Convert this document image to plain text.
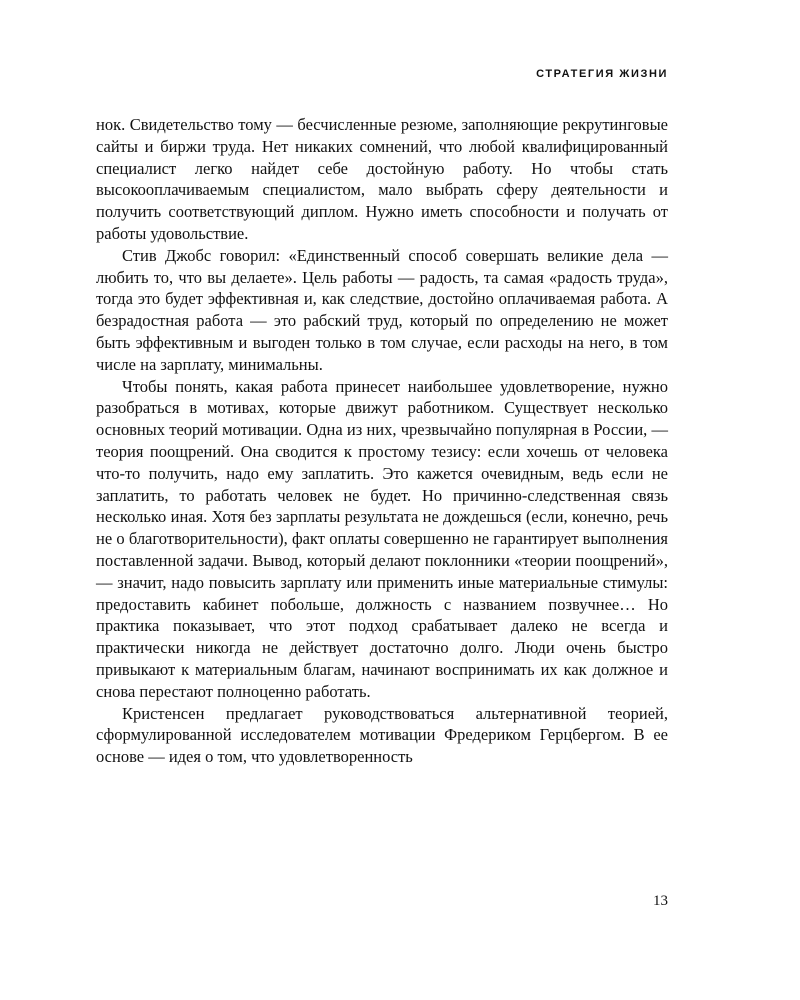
СТРАТЕГИЯ ЖИЗНИ

нок. Свидетельство тому — бесчисленные резюме, заполняющие рекрутинговые сайты и биржи труда. Нет никаких сомнений, что любой квалифицированный специалист легко найдет себе достойную работу. Но чтобы стать высокооплачиваемым специалистом, мало выбрать сферу деятельности и получить соответствующий диплом. Нужно иметь способности и получать от работы удовольствие.

Стив Джобс говорил: «Единственный способ совершать великие дела — любить то, что вы делаете». Цель работы — радость, та самая «радость труда», тогда это будет эффективная и, как следствие, достойно оплачиваемая работа. А безрадостная работа — это рабский труд, который по определению не может быть эффективным и выгоден только в том случае, если расходы на него, в том числе на зарплату, минимальны.

Чтобы понять, какая работа принесет наибольшее удовлетворение, нужно разобраться в мотивах, которые движут работником. Существует несколько основных теорий мотивации. Одна из них, чрезвычайно популярная в России, — теория поощрений. Она сводится к простому тезису: если хочешь от человека что-то получить, надо ему заплатить. Это кажется очевидным, ведь если не заплатить, то работать человек не будет. Но причинно-следственная связь несколько иная. Хотя без зарплаты результата не дождешься (если, конечно, речь не о благотворительности), факт оплаты совершенно не гарантирует выполнения поставленной задачи. Вывод, который делают поклонники «теории поощрений», — значит, надо повысить зарплату или применить иные материальные стимулы: предоставить кабинет побольше, должность с названием позвучнее… Но практика показывает, что этот подход срабатывает далеко не всегда и практически никогда не действует достаточно долго. Люди очень быстро привыкают к материальным благам, начинают воспринимать их как должное и снова перестают полноценно работать.

Кристенсен предлагает руководствоваться альтернативной теорией, сформулированной исследователем мотивации Фредериком Герцбергом. В ее основе — идея о том, что удовлетворенность

13
